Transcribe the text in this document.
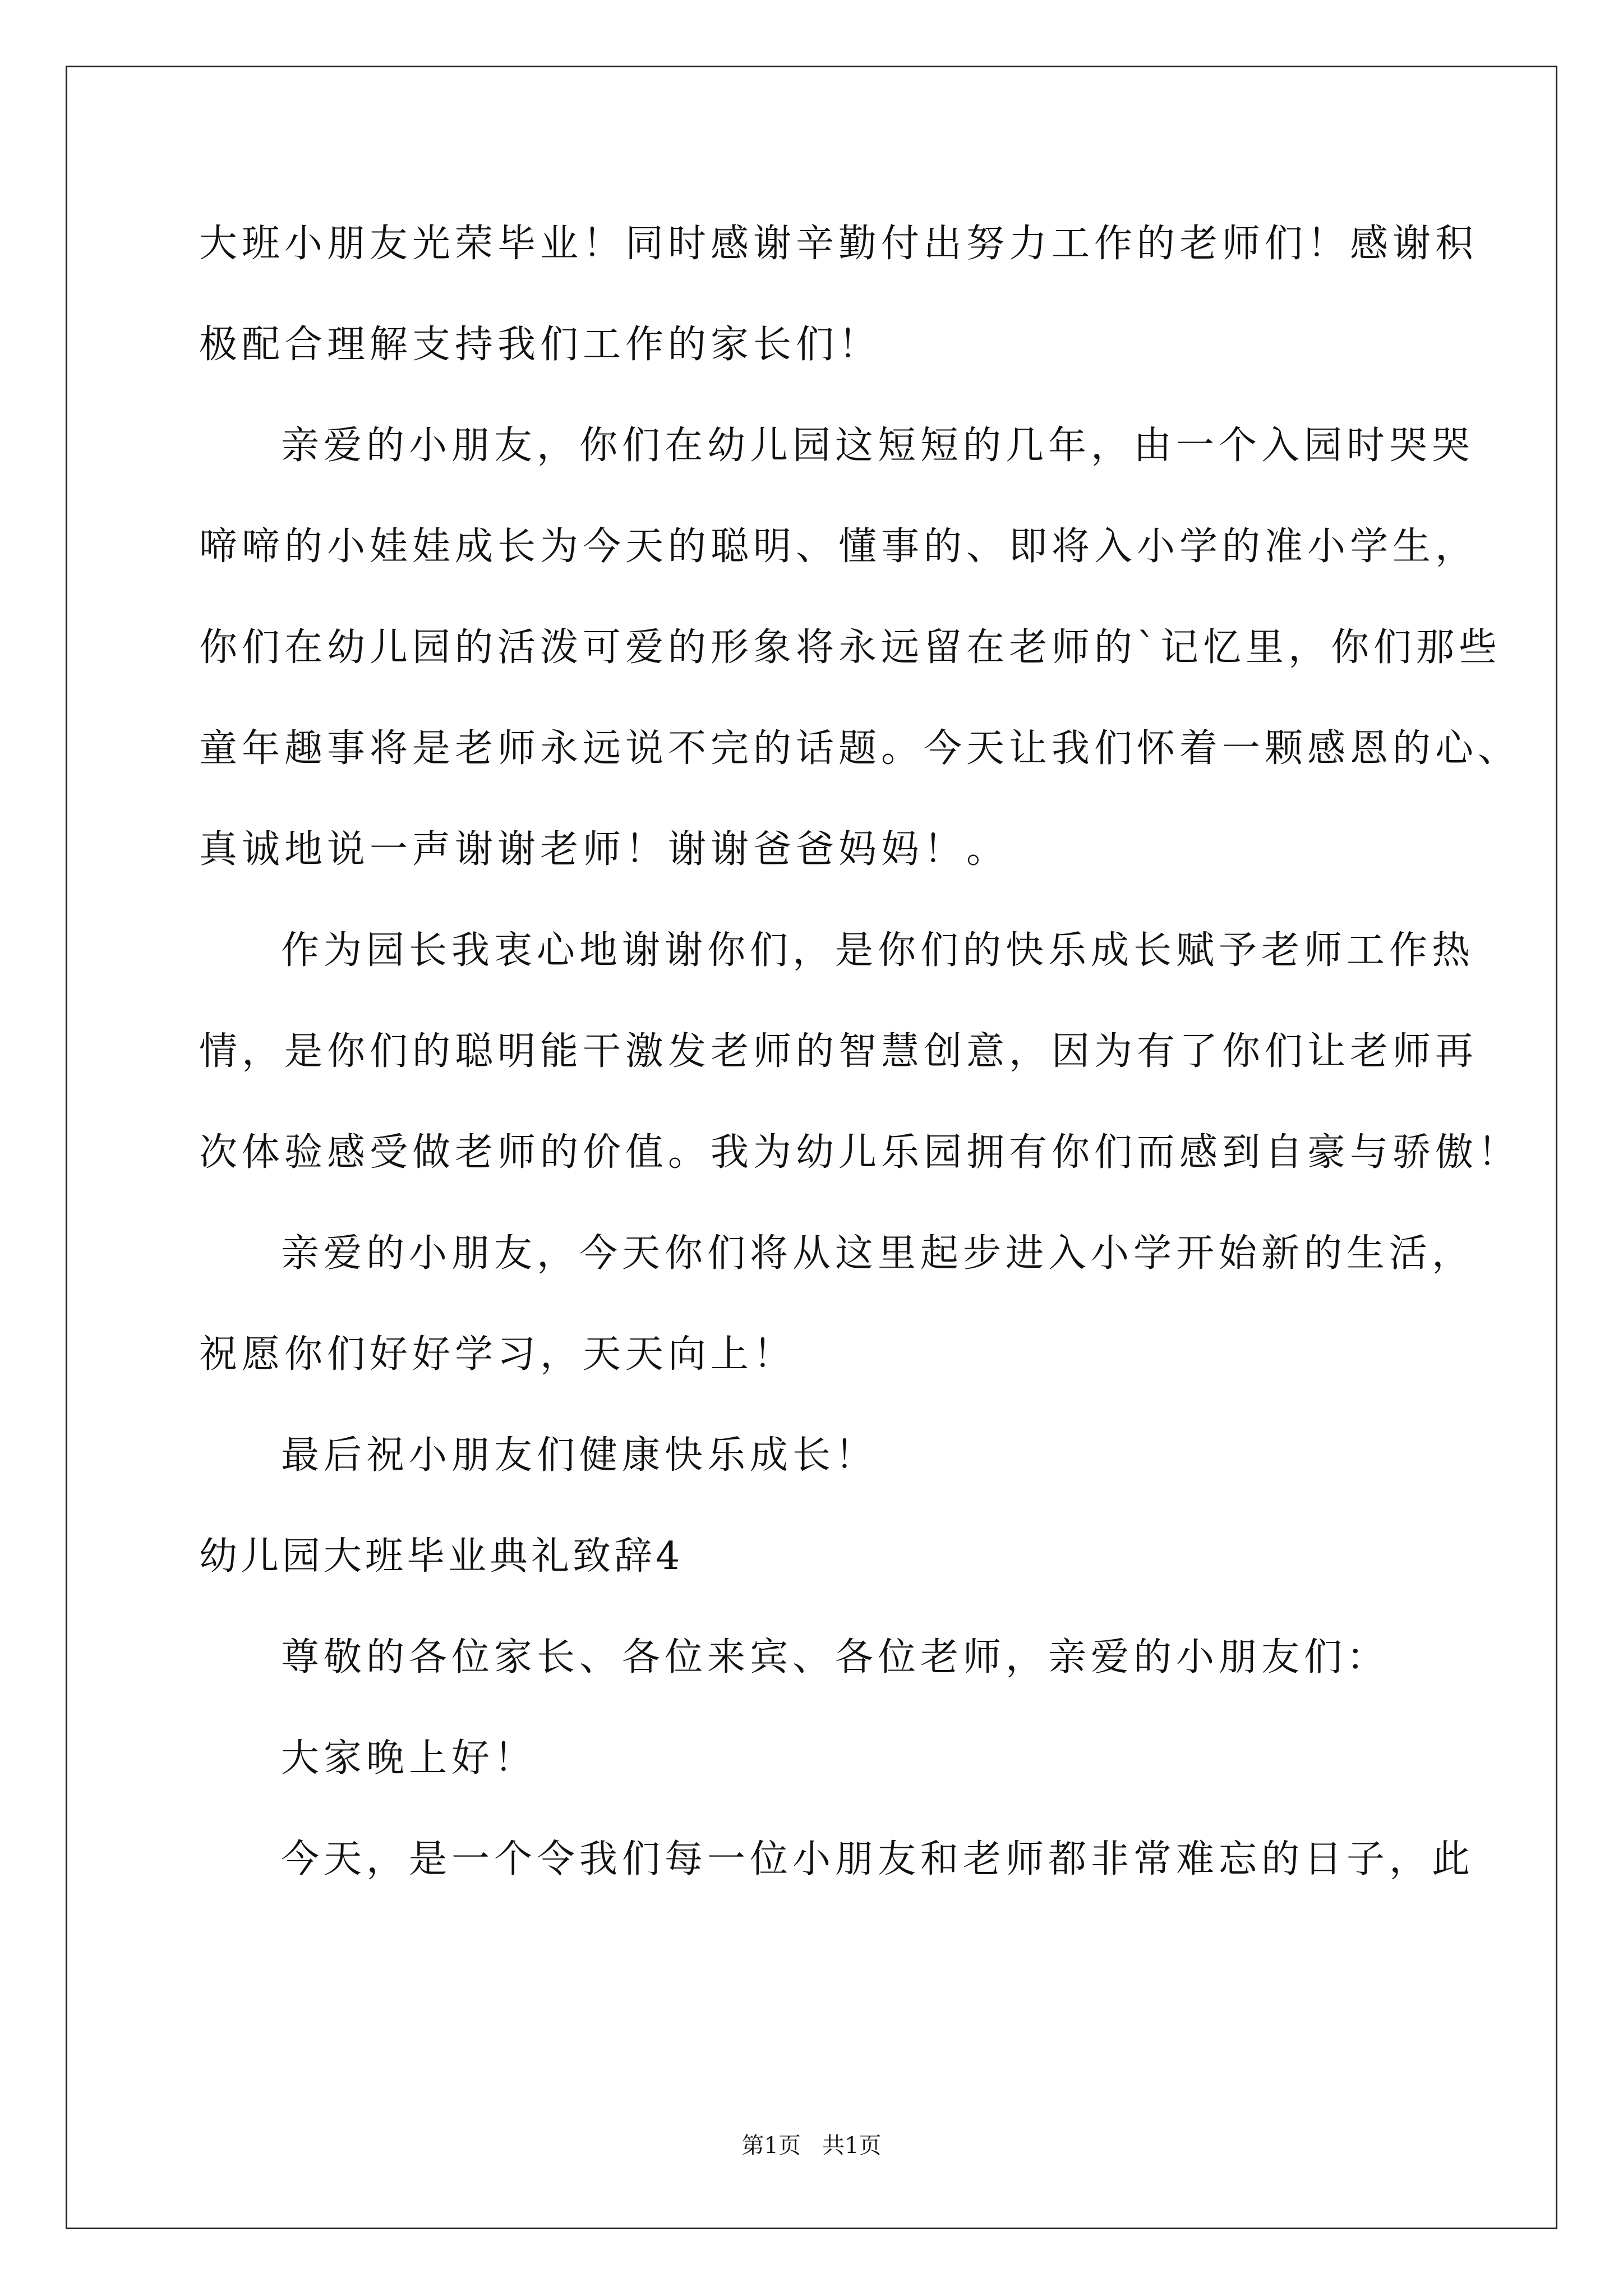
大班小朋友光荣毕业！同时感谢辛勤付出努力工作的老师们！感谢积
极配合理解支持我们工作的家长们！
亲爱的小朋友，你们在幼儿园这短短的几年，由一个入园时哭哭
啼啼的小娃娃成长为今天的聪明、懂事的、即将入小学的准小学生，
你们在幼儿园的活泼可爱的形象将永远留在老师的`记忆里，你们那些
童年趣事将是老师永远说不完的话题。今天让我们怀着一颗感恩的心、
真诚地说一声谢谢老师！谢谢爸爸妈妈！。
作为园长我衷心地谢谢你们，是你们的快乐成长赋予老师工作热
情，是你们的聪明能干激发老师的智慧创意，因为有了你们让老师再
次体验感受做老师的价值。我为幼儿乐园拥有你们而感到自豪与骄傲！
亲爱的小朋友，今天你们将从这里起步进入小学开始新的生活，
祝愿你们好好学习，天天向上！
最后祝小朋友们健康快乐成长！
幼儿园大班毕业典礼致辞4
尊敬的各位家长、各位来宾、各位老师，亲爱的小朋友们：
大家晚上好！
今天，是一个令我们每一位小朋友和老师都非常难忘的日子，此
第1页   共1页
